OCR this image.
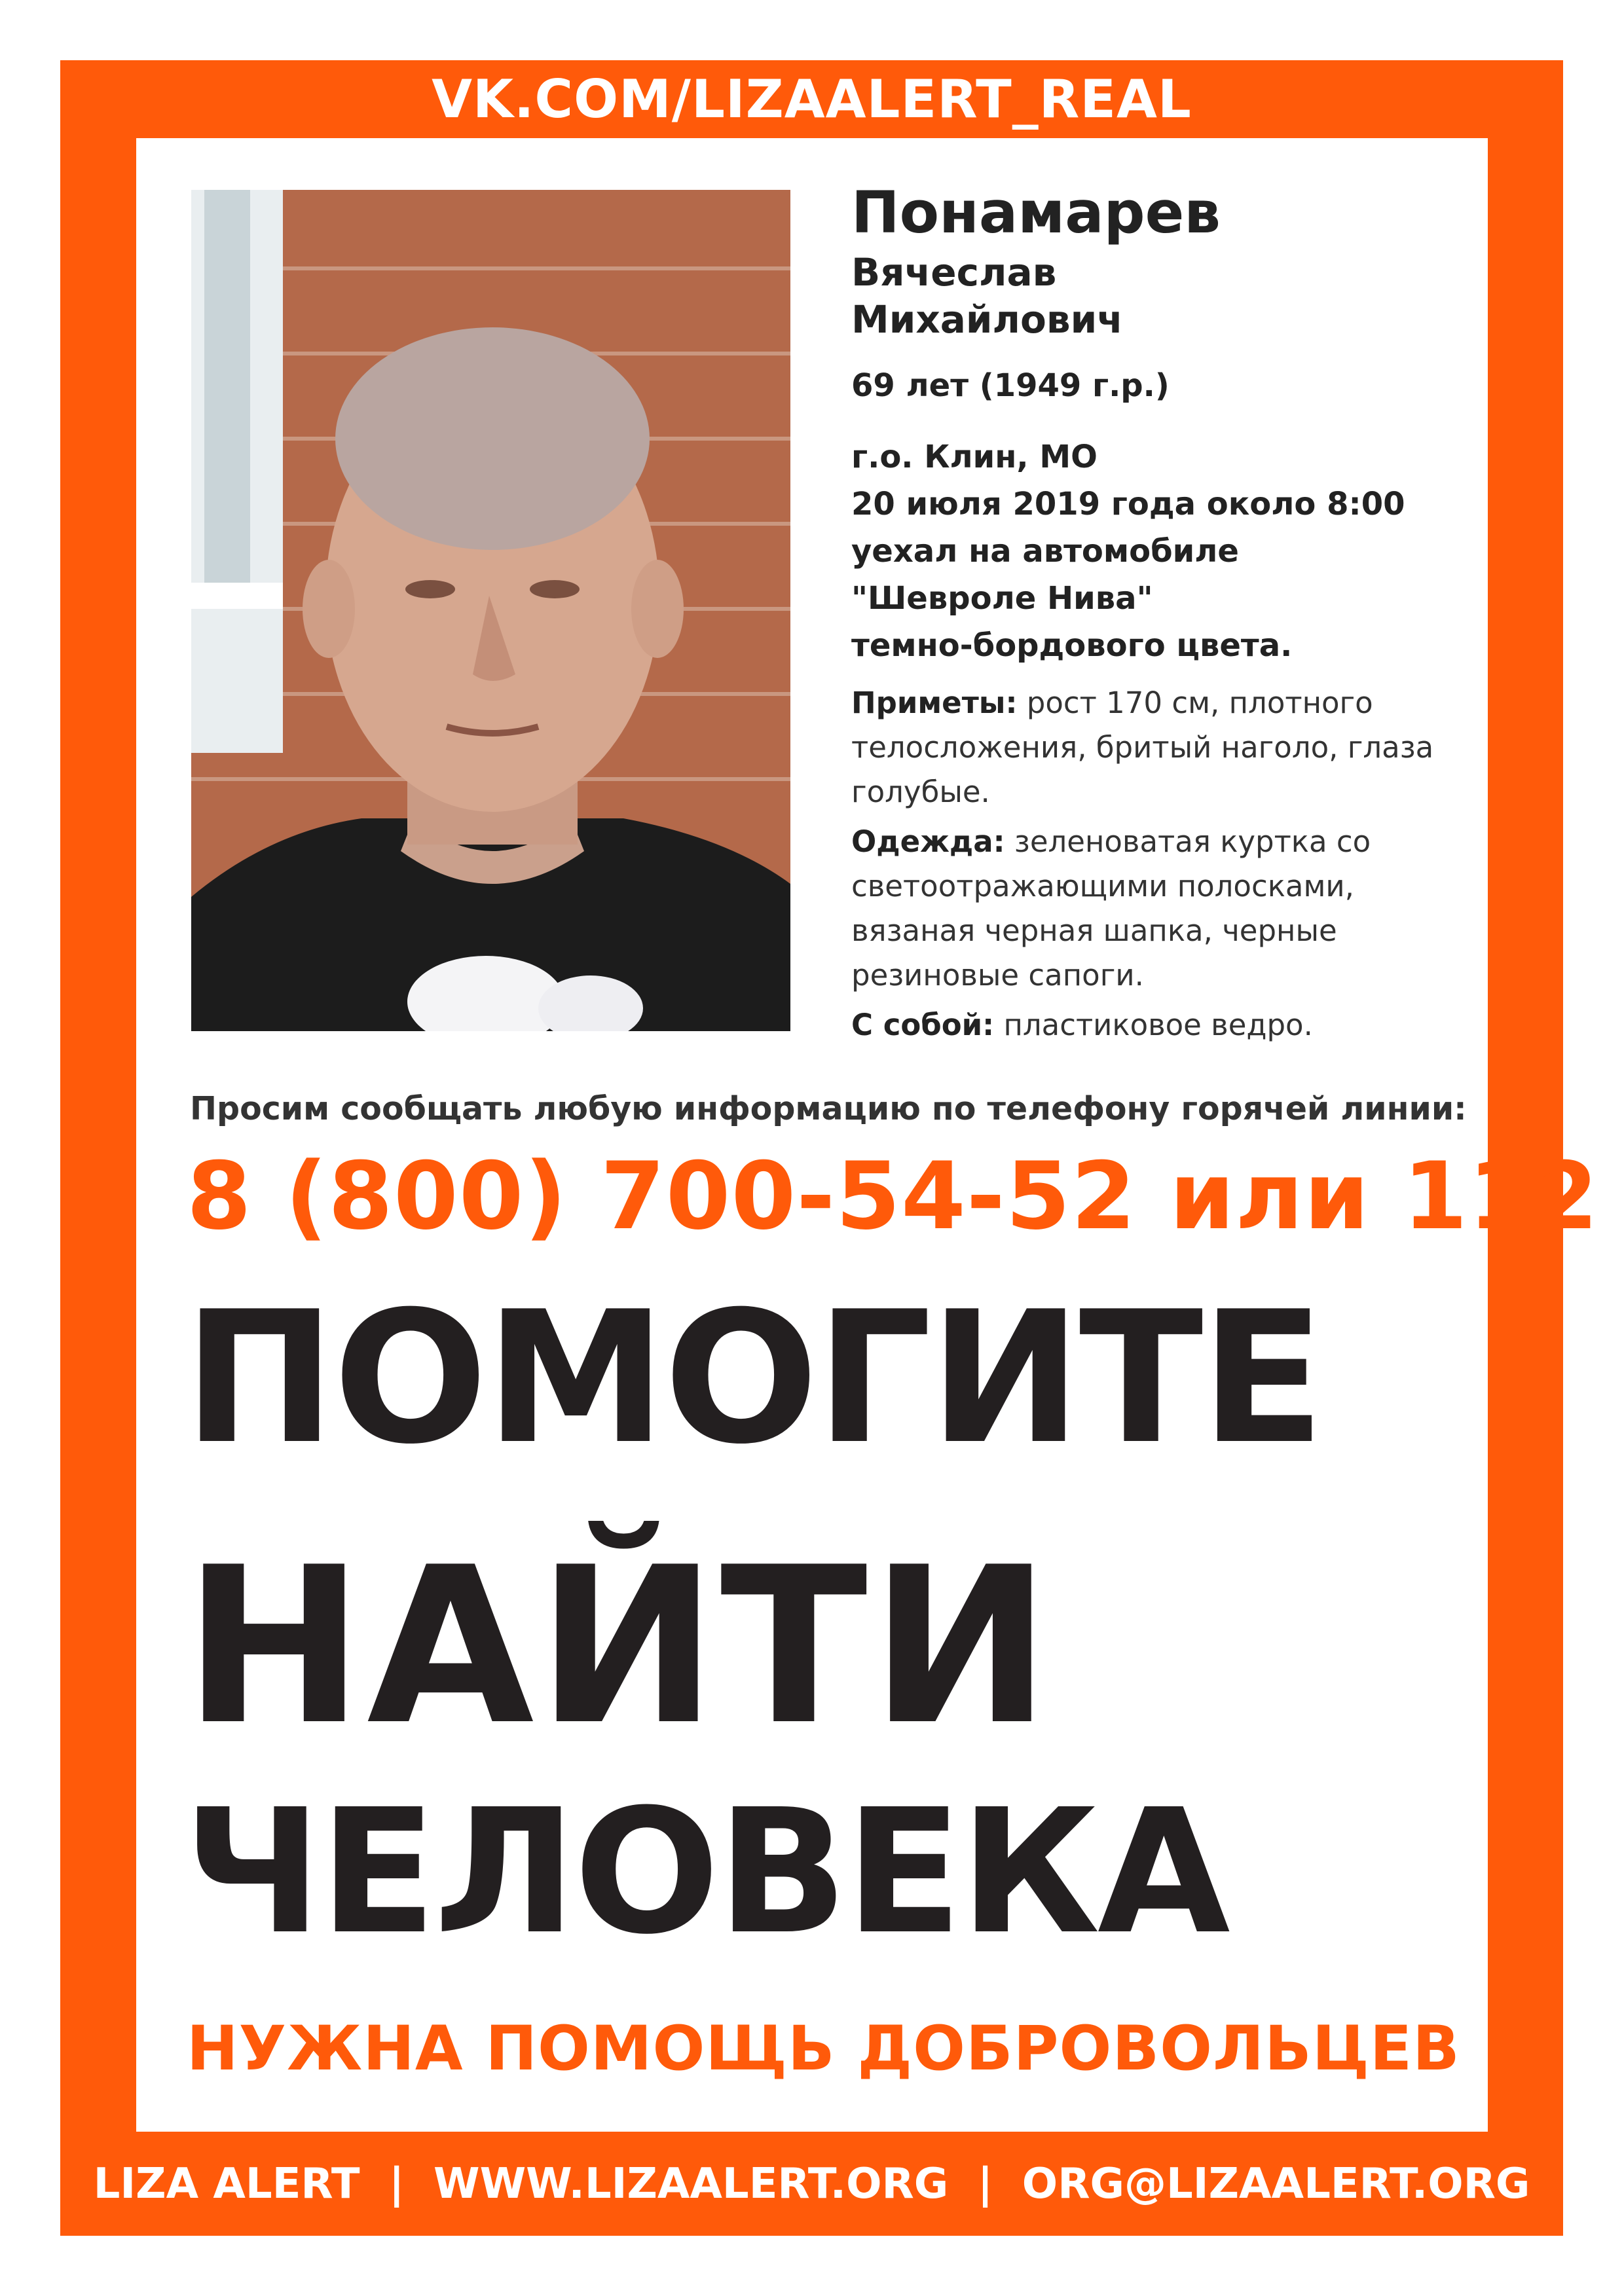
VK.COM/LIZAALERT_REAL

Понамарев

Вячеслав

Михайлович

69 лет (1949 г.р.)

г.о. Клин, МО

20 июля 2019 года около 8:00

уехал на автомобиле

"Шевроле Нива"

темно-бордового цвета.

Приметы: рост 170 см, плотного телосложения, бритый наголо, глаза голубые.
Одежда: зеленоватая куртка со светоотражающими полосками, вязаная черная шапка, черные резиновые сапоги.
С собой: пластиковое ведро.
Просим сообщать любую информацию по телефону горячей линии:
8 (800) 700-54-52 или 112
ПОМОГИТЕ
НАЙТИ
ЧЕЛОВЕКА
НУЖНА ПОМОЩЬ ДОБРОВОЛЬЦЕВ
LIZA ALERT | WWW.LIZAALERT.ORG | ORG@LIZAALERT.ORG
